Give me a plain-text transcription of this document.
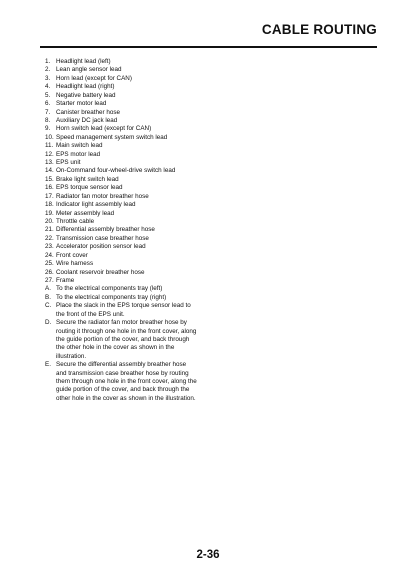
CABLE ROUTING
1. Headlight lead (left)
2. Lean angle sensor lead
3. Horn lead (except for CAN)
4. Headlight lead (right)
5. Negative battery lead
6. Starter motor lead
7. Canister breather hose
8. Auxiliary DC jack lead
9. Horn switch lead (except for CAN)
10. Speed management system switch lead
11. Main switch lead
12. EPS motor lead
13. EPS unit
14. On-Command four-wheel-drive switch lead
15. Brake light switch lead
16. EPS torque sensor lead
17. Radiator fan motor breather hose
18. Indicator light assembly lead
19. Meter assembly lead
20. Throttle cable
21. Differential assembly breather hose
22. Transmission case breather hose
23. Accelerator position sensor lead
24. Front cover
25. Wire harness
26. Coolant reservoir breather hose
27. Frame
A. To the electrical components tray (left)
B. To the electrical components tray (right)
C. Place the slack in the EPS torque sensor lead to
the front of the EPS unit.
D. Secure the radiator fan motor breather hose by
routing it through one hole in the front cover, along
the guide portion of the cover, and back through
the other hole in the cover as shown in the
illustration.
E. Secure the differential assembly breather hose
and transmission case breather hose by routing
them through one hole in the front cover, along the
guide portion of the cover, and back through the
other hole in the cover as shown in the illustration.
2-36
